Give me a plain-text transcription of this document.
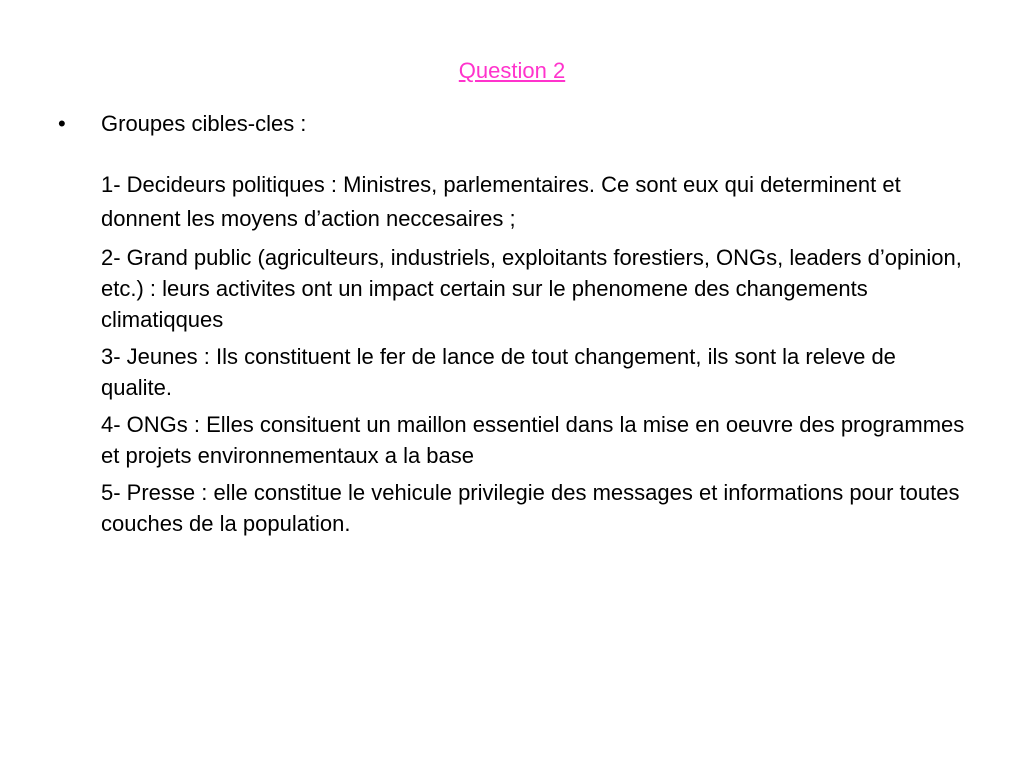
Question 2
• Groupes cibles-cles :

1- Decideurs politiques : Ministres, parlementaires. Ce sont eux qui determinent et donnent les moyens d’action neccesaires ;

2- Grand public (agriculteurs, industriels, exploitants forestiers, ONGs, leaders d’opinion, etc.) : leurs activites ont un impact certain sur le phenomene des changements climatiqques

3- Jeunes : Ils constituent le fer de lance de tout changement, ils sont la releve de qualite.

4- ONGs : Elles consituent un maillon essentiel dans la mise en oeuvre des programmes et projets environnementaux a la base

5- Presse : elle constitue le vehicule privilegie des messages et informations pour toutes couches de la population.
